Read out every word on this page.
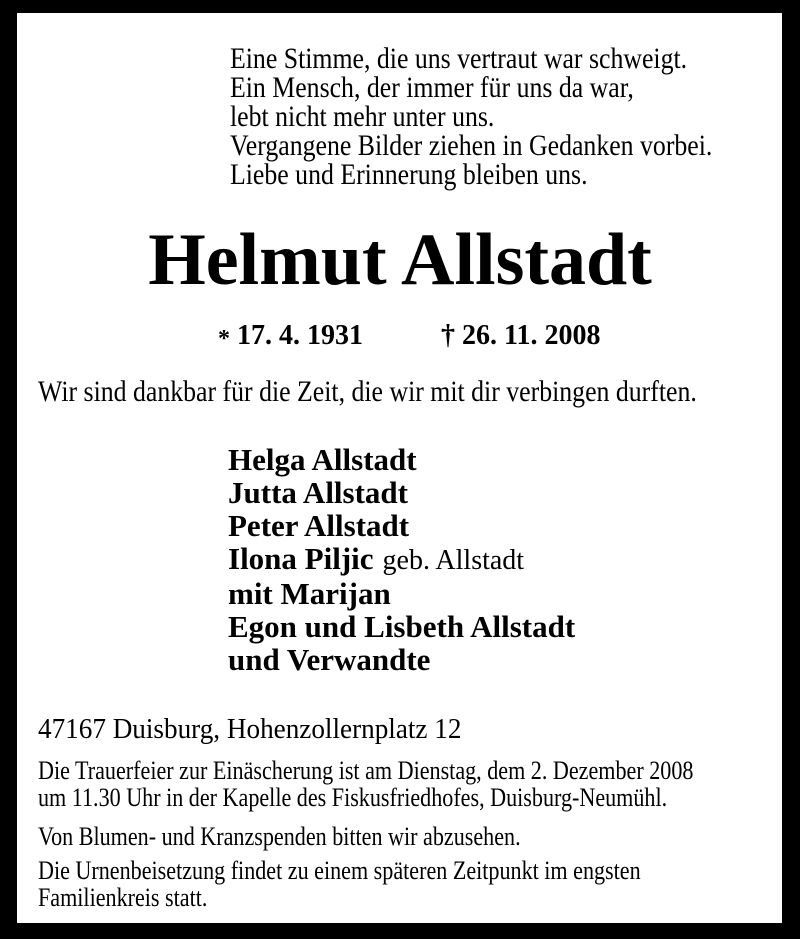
Eine Stimme, die uns vertraut war schweigt.
Ein Mensch, der immer für uns da war,
lebt nicht mehr unter uns.
Vergangene Bilder ziehen in Gedanken vorbei.
Liebe und Erinnerung bleiben uns.
Helmut Allstadt
* 17. 4. 1931	† 26. 11. 2008

Wir sind dankbar für die Zeit, die wir mit dir verbingen durften.

Helga Allstadt
Jutta Allstadt
Peter Allstadt
Ilona Piljic geb. Allstadt
mit Marijan
Egon und Lisbeth Allstadt
und Verwandte

47167 Duisburg, Hohenzollernplatz 12

Die Trauerfeier zur Einäscherung ist am Dienstag, dem 2. Dezember 2008
um 11.30 Uhr in der Kapelle des Fiskusfriedhofes, Duisburg-Neumühl.

Von Blumen- und Kranzspenden bitten wir abzusehen.

Die Urnenbeisetzung findet zu einem späteren Zeitpunkt im engsten
Familienkreis statt.
